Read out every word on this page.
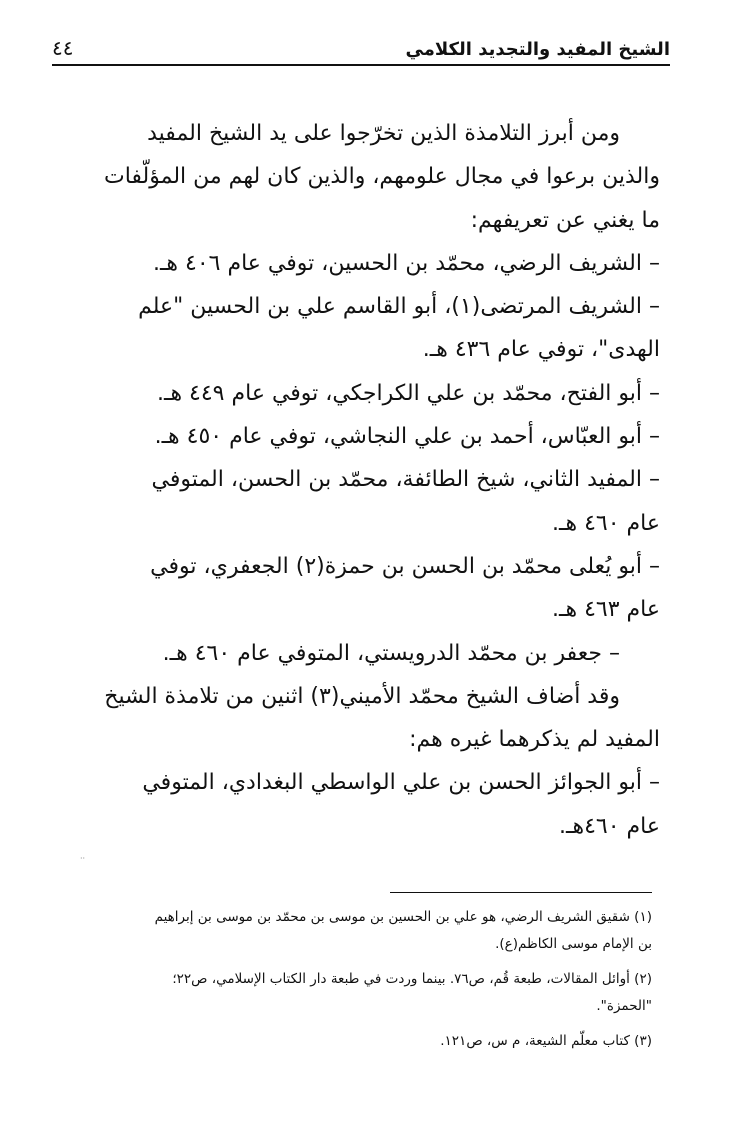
الشيخ المفيد والتجديد الكلامي
٤٤
ومن أبرز التلامذة الذين تخرّجوا على يد الشيخ المفيد
والذين برعوا في مجال علومهم، والذين كان لهم من المؤلّفات
ما يغني عن تعريفهم:
– الشريف الرضي، محمّد بن الحسين، توفي عام ٤٠٦ هـ.
– الشريف المرتضى(١)، أبو القاسم علي بن الحسين "علم
الهدى"، توفي عام ٤٣٦ هـ.
– أبو الفتح، محمّد بن علي الكراجكي، توفي عام ٤٤٩ هـ.
– أبو العبّاس، أحمد بن علي النجاشي، توفي عام ٤٥٠ هـ.
– المفيد الثاني، شيخ الطائفة، محمّد بن الحسن، المتوفي
عام ٤٦٠ هـ.
– أبو يُعلى محمّد بن الحسن بن حمزة(٢) الجعفري، توفي
عام ٤٦٣ هـ.
– جعفر بن محمّد الدرويستي، المتوفي عام ٤٦٠ هـ.
وقد أضاف الشيخ محمّد الأميني(٣) اثنين من تلامذة الشيخ
المفيد لم يذكرهما غيره هم:
– أبو الجوائز الحسن بن علي الواسطي البغدادي، المتوفي
عام ٤٦٠هـ.
··
(١) شقيق الشريف الرضي، هو علي بن الحسين بن موسى بن محمّد بن موسى بن إبراهيم
بن الإمام موسى الكاظم(ع).
(٢) أوائل المقالات، طبعة قُم، ص٧٦. بينما وردت في طبعة دار الكتاب الإسلامي، ص٢٢؛
"الحمزة".
(٣) كتاب معلّم الشيعة، م س، ص١٢١.
